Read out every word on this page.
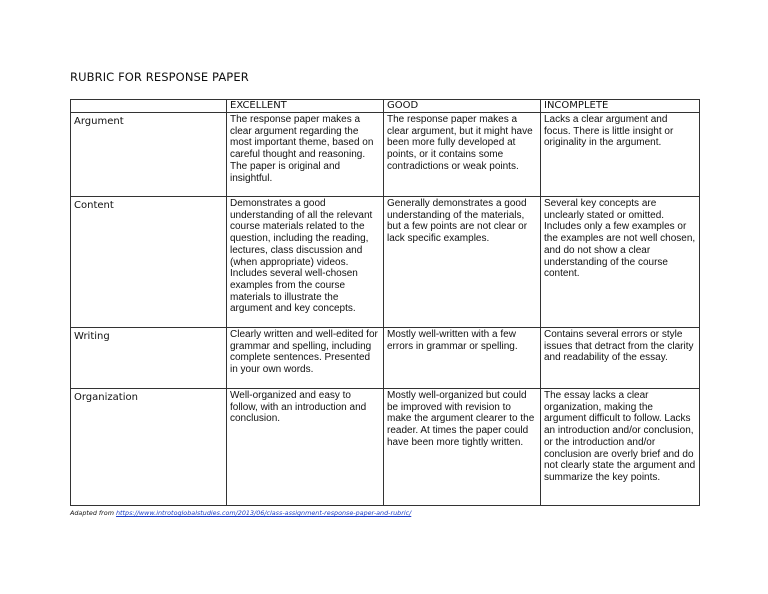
RUBRIC FOR RESPONSE PAPER
	EXCELLENT	GOOD	INCOMPLETE
Argument	The response paper makes a clear argument regarding the most important theme, based on careful thought and reasoning. The paper is original and insightful.	The response paper makes a clear argument, but it might have been more fully developed at points, or it contains some contradictions or weak points.	Lacks a clear argument and focus. There is little insight or originality in the argument.
Content	Demonstrates a good understanding of all the relevant course materials related to the question, including the reading, lectures, class discussion and (when appropriate) videos. Includes several well-chosen examples from the course materials to illustrate the argument and key concepts.	Generally demonstrates a good understanding of the materials, but a few points are not clear or lack specific examples.	Several key concepts are unclearly stated or omitted. Includes only a few examples or the examples are not well chosen, and do not show a clear understanding of the course content.
Writing	Clearly written and well-edited for grammar and spelling, including complete sentences. Presented in your own words.	Mostly well-written with a few errors in grammar or spelling.	Contains several errors or style issues that detract from the clarity and readability of the essay.
Organization	Well-organized and easy to follow, with an introduction and conclusion.	Mostly well-organized but could be improved with revision to make the argument clearer to the reader. At times the paper could have been more tightly written.	The essay lacks a clear organization, making the argument difficult to follow. Lacks an introduction and/or conclusion, or the introduction and/or conclusion are overly brief and do not clearly state the argument and summarize the key points.
Adapted from https://www.introtoglobalstudies.com/2013/06/class-assignment-response-paper-and-rubric/
